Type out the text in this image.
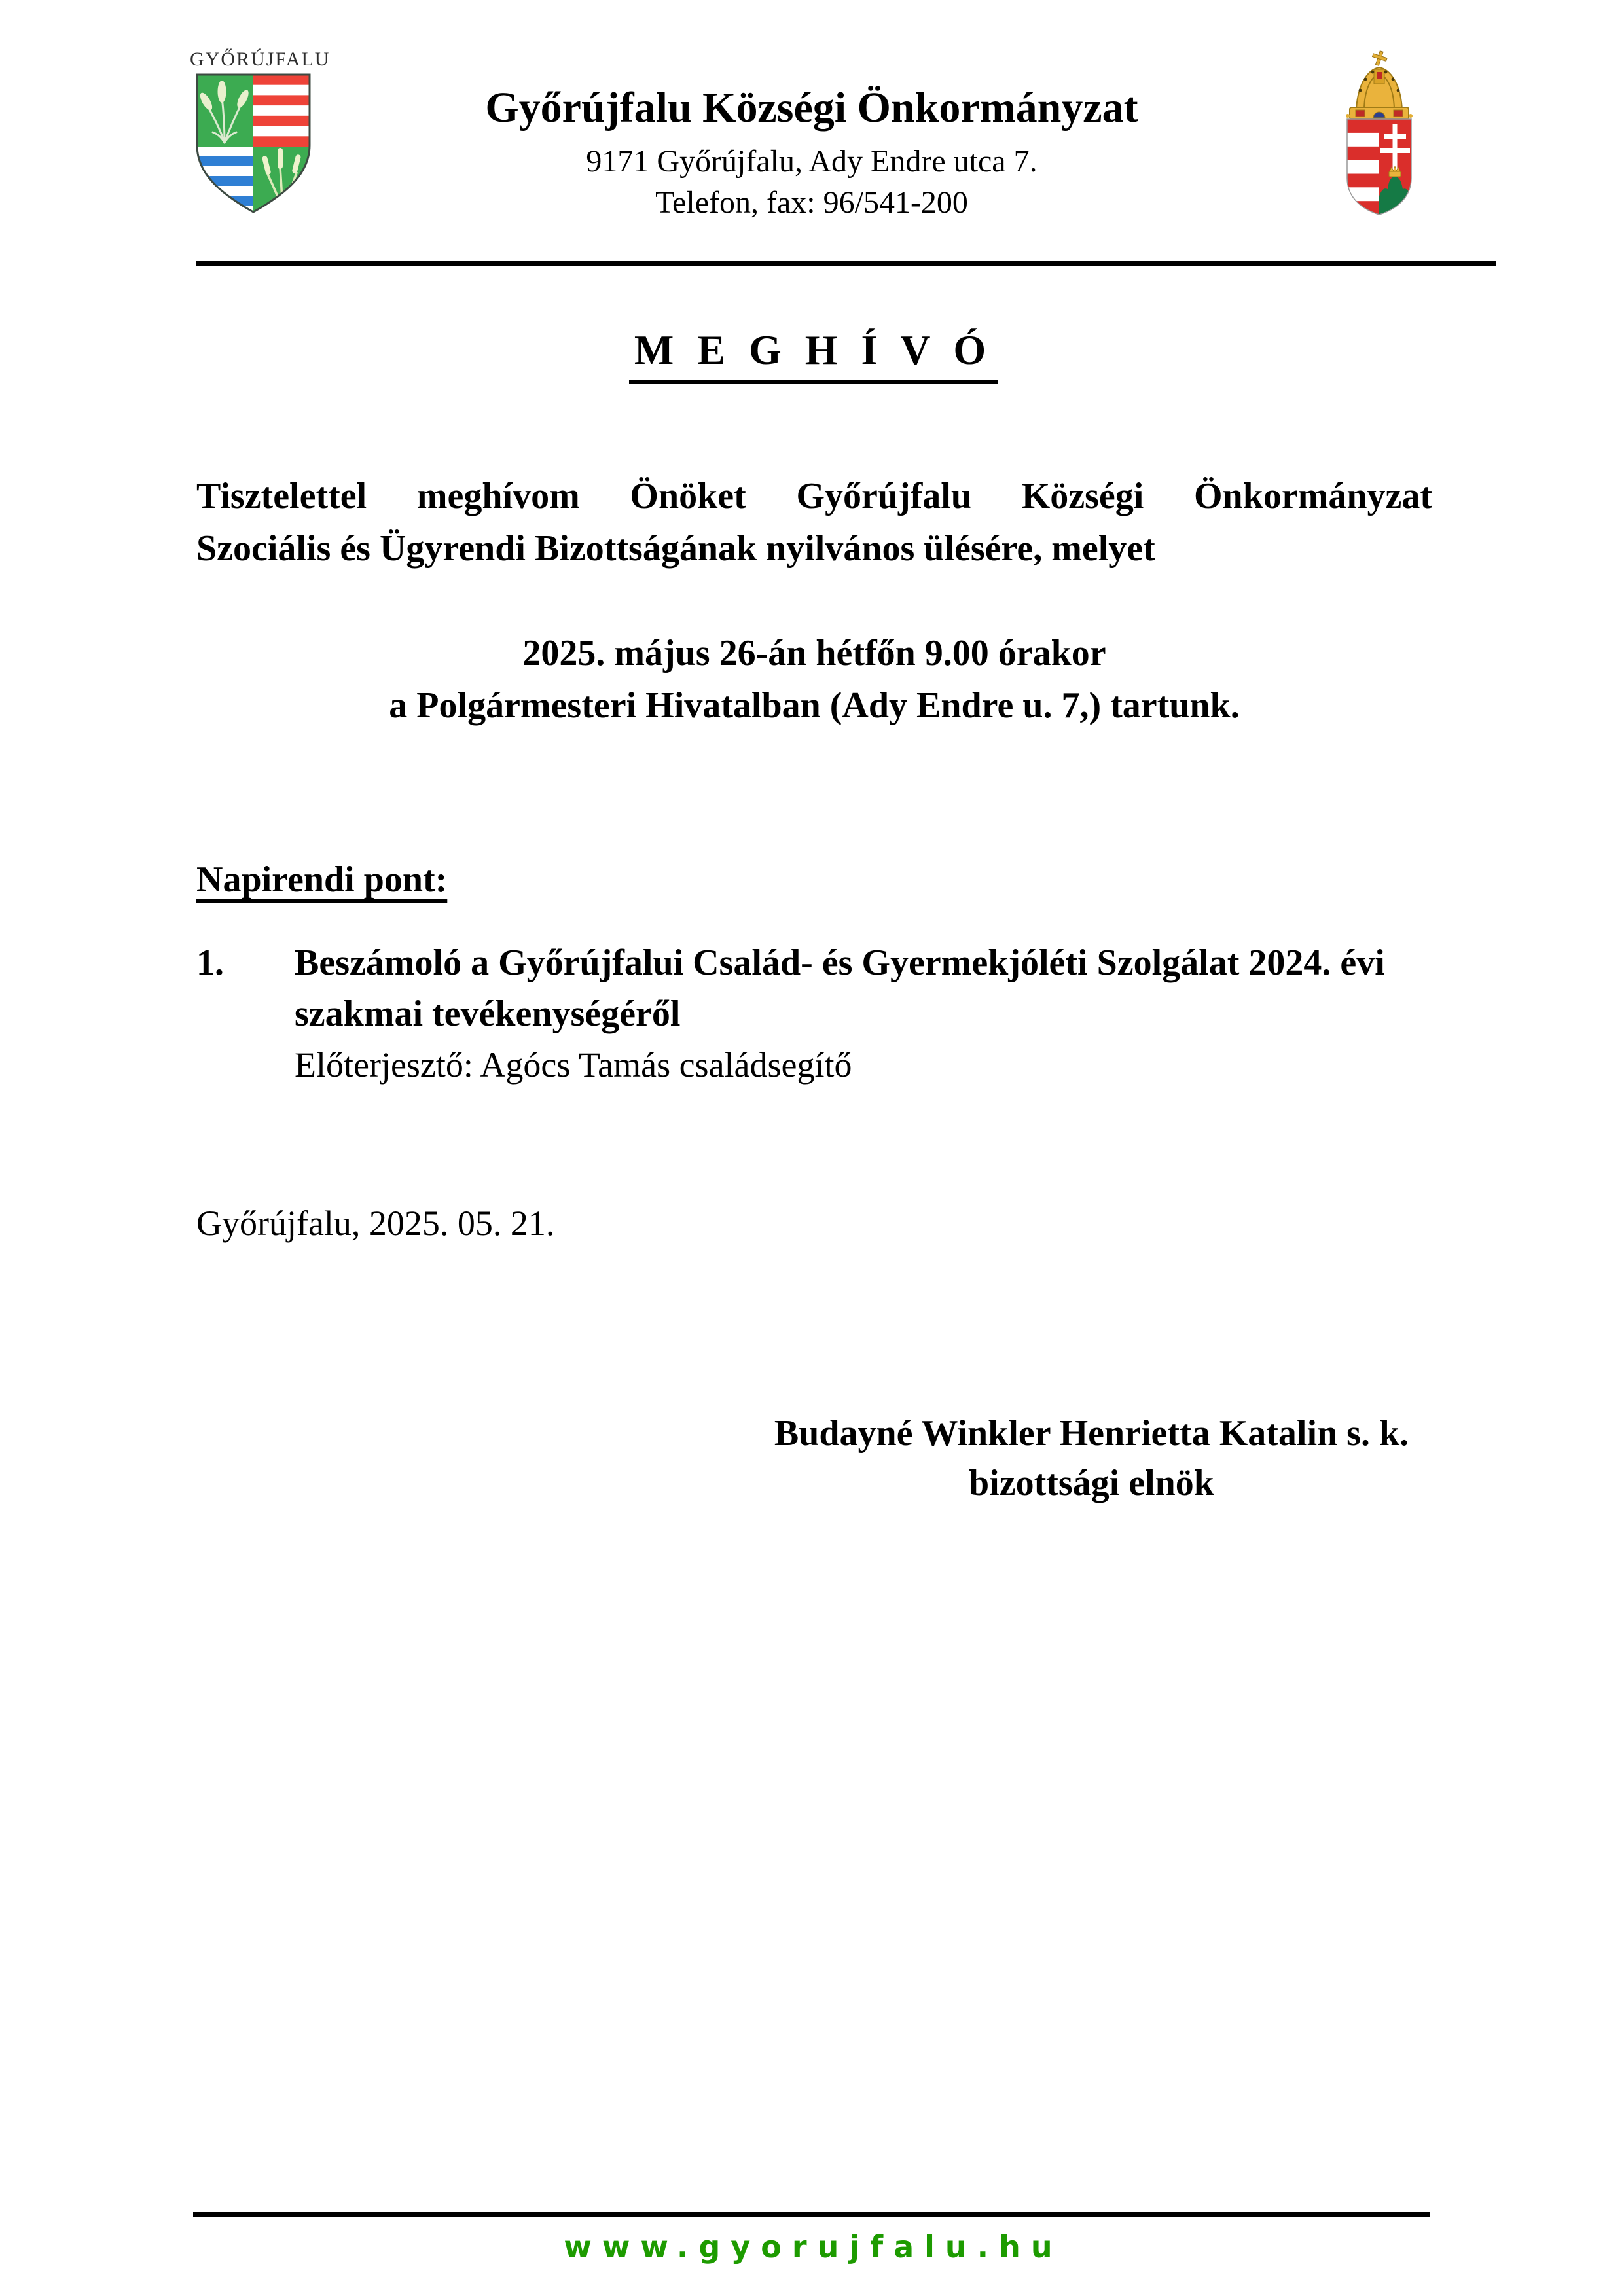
GYŐRÚJFALU
Győrújfalu Községi Önkormányzat
9171 Győrújfalu, Ady Endre utca 7.
Telefon, fax: 96/541-200
M E G H Í V Ó
Tisztelettel meghívom Önöket Győrújfalu Községi Önkormányzat
Szociális és Ügyrendi Bizottságának nyilvános ülésére, melyet
2025. május 26-án hétfőn 9.00 órakor
a Polgármesteri Hivatalban (Ady Endre u. 7,) tartunk.
Napirendi pont:
1.	Beszámoló a Győrújfalui Család- és Gyermekjóléti Szolgálat 2024. évi szakmai tevékenységéről
Előterjesztő: Agócs Tamás családsegítő
Győrújfalu, 2025. 05. 21.
Budayné Winkler Henrietta Katalin s. k.
bizottsági elnök
www.gyorujfalu.hu
